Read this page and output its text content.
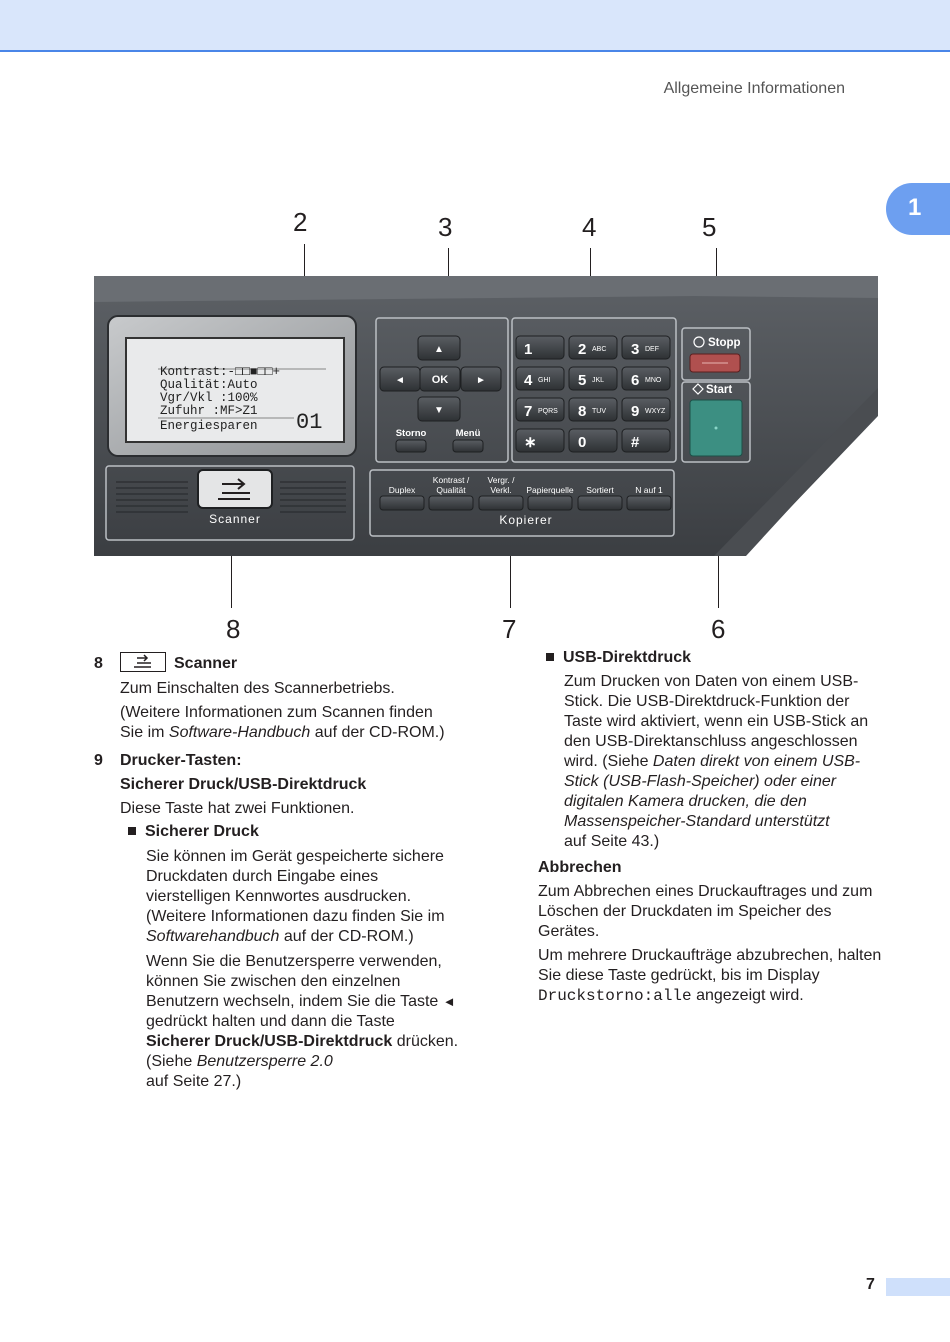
Allgemeine Informationen
1
2	3	4	5
8	7	6
Kontrast:-□□■□□+
Qualität:Auto
Vgr/Vkl :100%
Zufuhr :MF>Z1
Energiesparen 01
▲
◄ OK	►
▼
Storno	Menü
1	2	3
4	5	6
7	8	9
∗	0	#
ABC	DEF
GHI	JKL	MNO
PQRS	TUV	WXYZ
Stopp
Start
Scanner
Duplex
Kontrast /
Qualität
Vergr. /
Verkl. Papierquelle Sortiert	N auf 1
Kopierer
8	Scanner
Zum Einschalten des Scannerbetriebs.
(Weitere Informationen zum Scannen finden Sie im Software-Handbuch auf der CD-ROM.)
9 Drucker-Tasten:
Sicherer Druck/USB-Direktdruck
Diese Taste hat zwei Funktionen.
Sicherer Druck
Sie können im Gerät gespeicherte sichere Druckdaten durch Eingabe eines vierstelligen Kennwortes ausdrucken. (Weitere Informationen dazu finden Sie im Softwarehandbuch auf der CD-ROM.)
Wenn Sie die Benutzersperre verwenden, können Sie zwischen den einzelnen Benutzern wechseln, indem Sie die Taste ◄ gedrückt halten und dann die Taste Sicherer Druck/USB-Direktdruck drücken. (Siehe Benutzersperre 2.0
auf Seite 27.)
USB-Direktdruck
Zum Drucken von Daten von einem USB-Stick. Die USB-Direktdruck-Funktion der Taste wird aktiviert, wenn ein USB-Stick an den USB-Direktanschluss angeschlossen wird. (Siehe Daten direkt von einem USB-Stick (USB-Flash-Speicher) oder einer digitalen Kamera drucken, die den Massenspeicher-Standard unterstützt
auf Seite 43.)
Abbrechen
Zum Abbrechen eines Druckauftrages und zum Löschen der Druckdaten im Speicher des Gerätes.
Um mehrere Druckaufträge abzubrechen, halten Sie diese Taste gedrückt, bis im Display Druckstorno:alle angezeigt wird.
7
